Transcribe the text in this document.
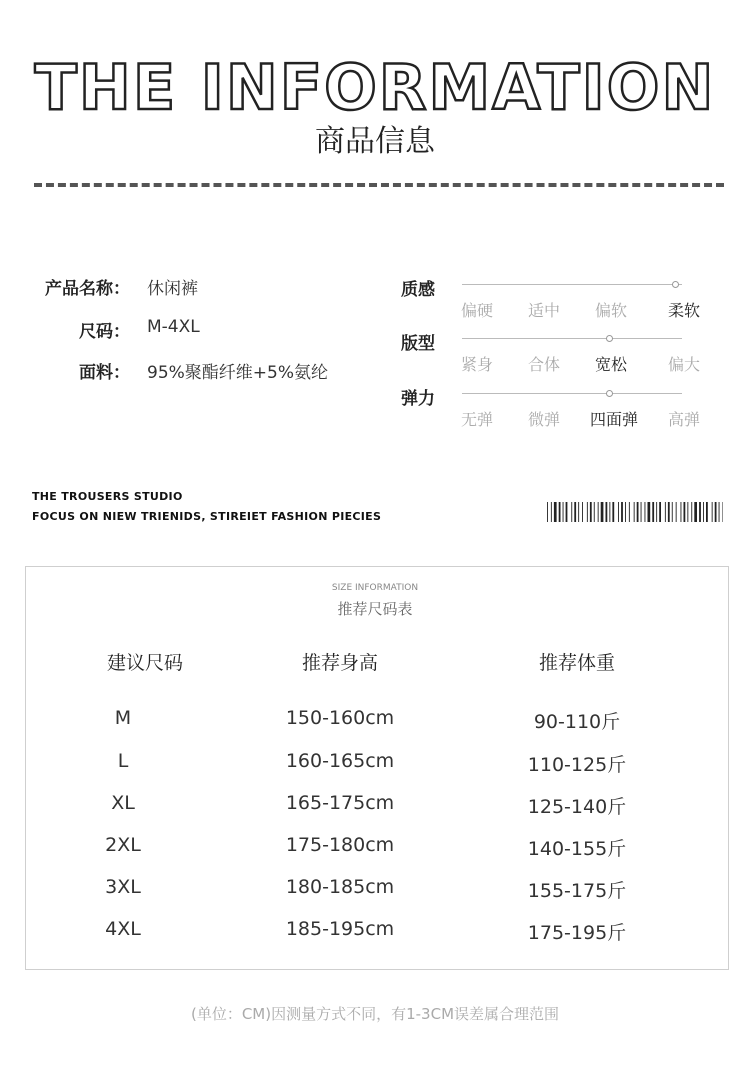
THE INFORMATION
商品信息
产品名称： 休闲裤
尺码： M-4XL
面料： 95%聚酯纤维+5%氨纶
质感
偏硬	适中	偏软	柔软
版型
紧身	合体	宽松	偏大
弹力
无弹	微弹	四面弹	高弹
THE TROUSERS STUDIO
FOCUS ON NIEW TRIENIDS, STIREIET FASHION PIECIES
SIZE INFORMATION
推荐尺码表
建议尺码	推荐身高	推荐体重
M	150-160cm	90-110斤
L	160-165cm	110-125斤
XL	165-175cm	125-140斤
2XL	175-180cm	140-155斤
3XL	180-185cm	155-175斤
4XL	185-195cm	175-195斤
(单位：CM)因测量方式不同，有1-3CM误差属合理范围
